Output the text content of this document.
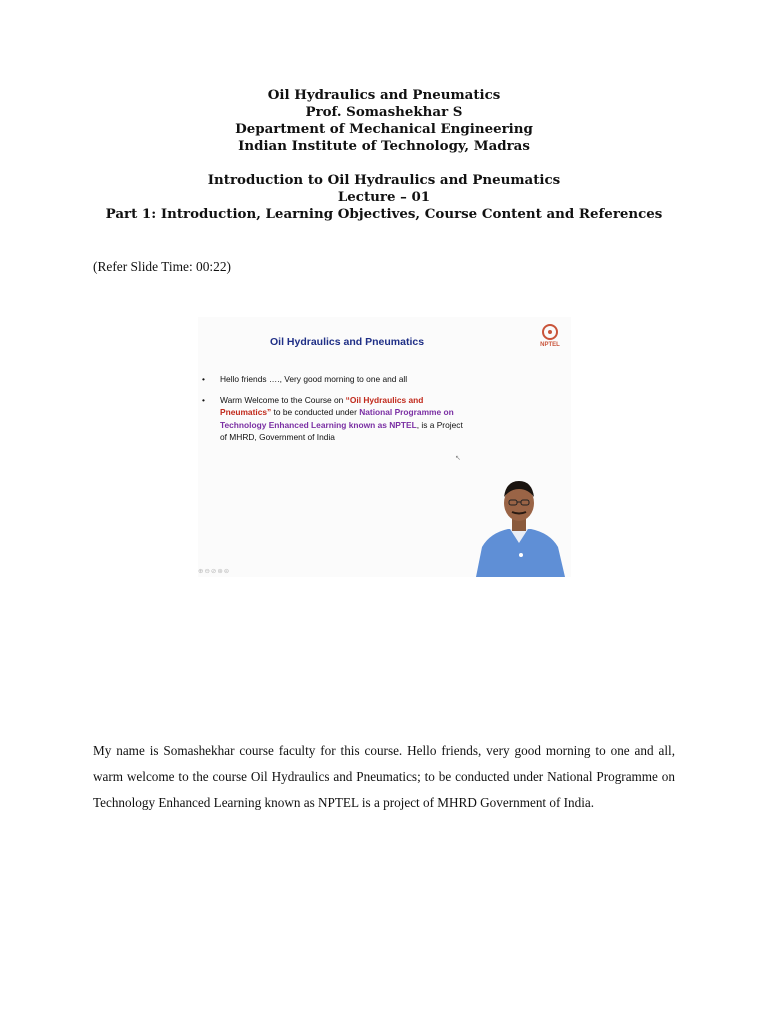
Oil Hydraulics and Pneumatics
Prof. Somashekhar S
Department of Mechanical Engineering
Indian Institute of Technology, Madras
Introduction to Oil Hydraulics and Pneumatics
Lecture – 01
Part 1: Introduction, Learning Objectives, Course Content and References
(Refer Slide Time: 00:22)
Oil Hydraulics and Pneumatics	NPTEL
• Hello friends …., Very good morning to one and all
• Warm Welcome to the Course on “Oil Hydraulics and Pneumatics” to be conducted under National Programme on Technology Enhanced Learning known as NPTEL, is a Project of MHRD, Government of India
↖
⊕⊖⊘⊛⊜
My name is Somashekhar course faculty for this course. Hello friends, very good morning to one and all, warm welcome to the course Oil Hydraulics and Pneumatics; to be conducted under National Programme on Technology Enhanced Learning known as NPTEL is a project of MHRD Government of India.
